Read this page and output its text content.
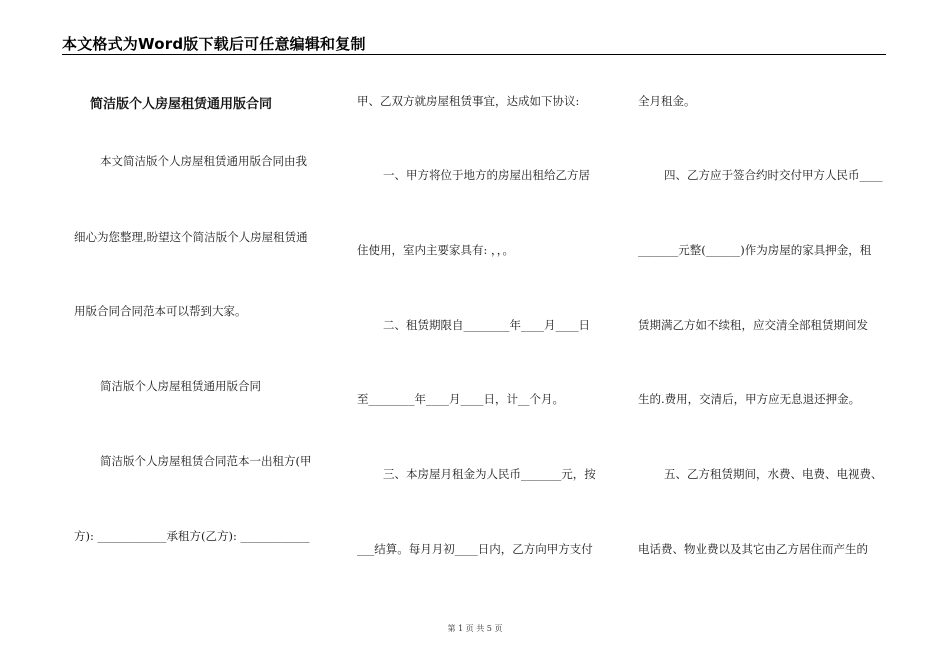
本文格式为Word版下载后可任意编辑和复制
简洁版个人房屋租赁通用版合同
本文简洁版个人房屋租赁通用版合同由我
细心为您整理,盼望这个简洁版个人房屋租赁通
用版合同合同范本可以帮到大家。
简洁版个人房屋租赁通用版合同
简洁版个人房屋租赁合同范本一出租方(甲
方): ____________承租方(乙方): ____________
甲、乙双方就房屋租赁事宜，达成如下协议:
一、甲方将位于地方的房屋出租给乙方居
住使用，室内主要家具有: ，，。
二、租赁期限自________年____月____日
至________年____月____日，计__个月。
三、本房屋月租金为人民币_______元，按
___结算。每月月初____日内，乙方向甲方支付
全月租金。
四、乙方应于签合约时交付甲方人民币____
_______元整(______)作为房屋的家具押金，租
赁期满乙方如不续租，应交清全部租赁期间发
生的.费用，交清后，甲方应无息退还押金。
五、乙方租赁期间，水费、电费、电视费、
电话费、物业费以及其它由乙方居住而产生的
第 1 页 共 5 页
